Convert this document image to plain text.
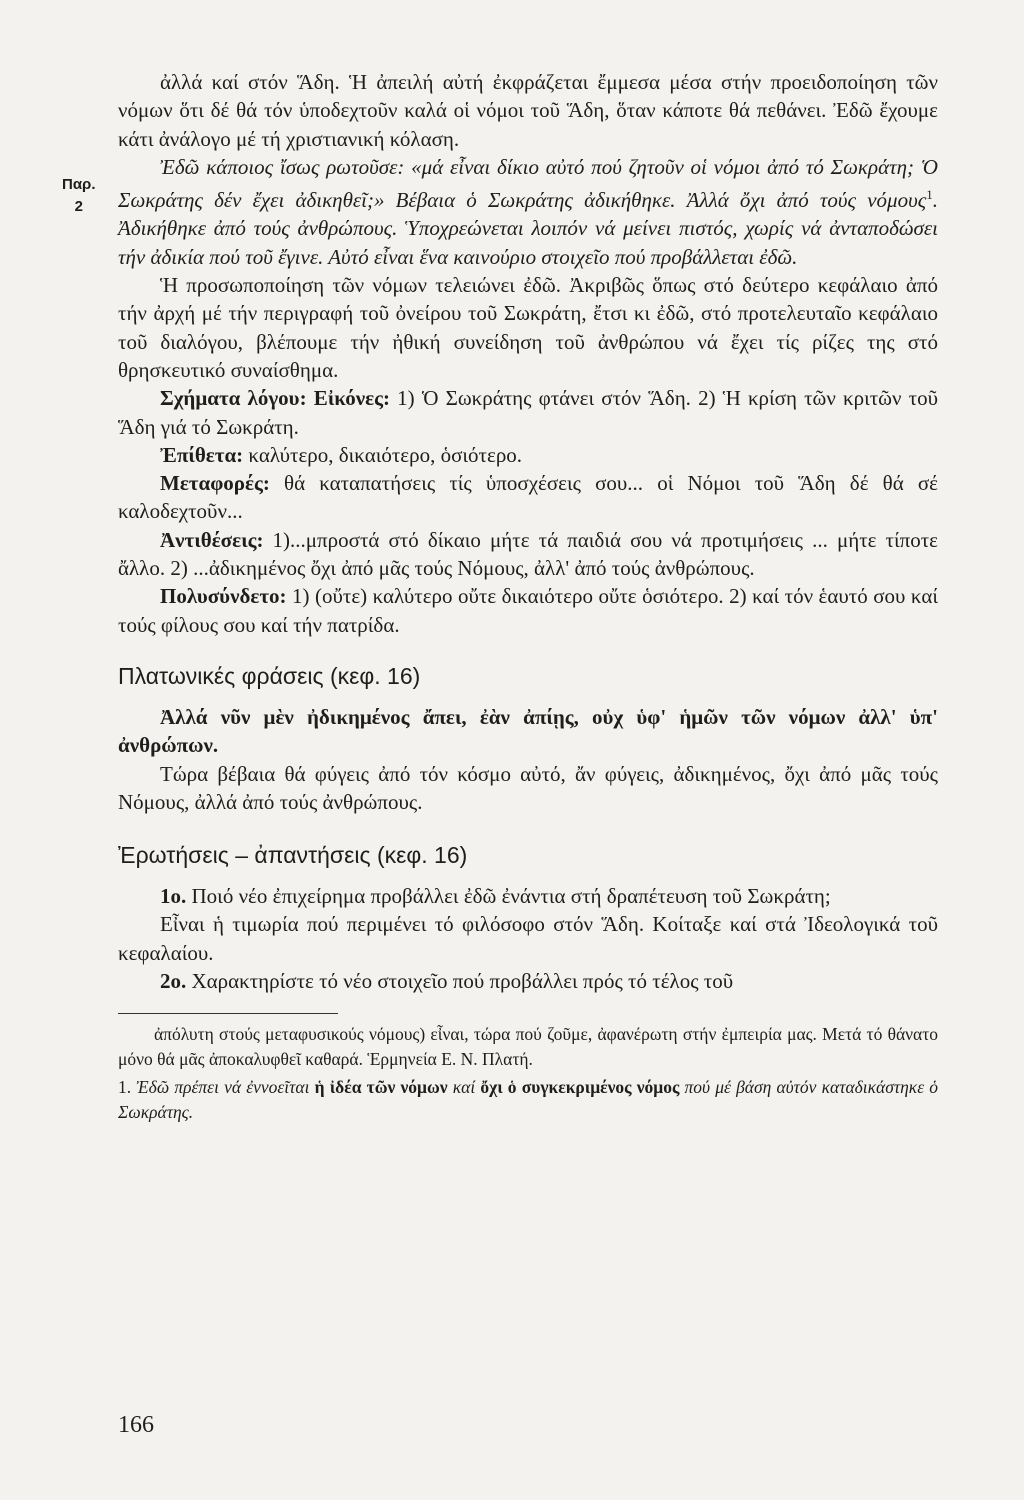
Παρ.
2

ἀλλά καί στόν Ἅδη. Ἡ ἀπειλή αὐτή ἐκφράζεται ἔμμεσα μέσα στήν προειδοποίηση τῶν νόμων ὅτι δέ θά τόν ὑποδεχτοῦν καλά οἱ νόμοι τοῦ Ἅδη, ὅταν κάποτε θά πεθάνει. Ἐδῶ ἔχουμε κάτι ἀνάλογο μέ τή χριστιανική κόλαση.

Ἐδῶ κάποιος ἴσως ρωτοῦσε: «μά εἶναι δίκιο αὐτό πού ζητοῦν οἱ νόμοι ἀπό τό Σωκράτη; Ὁ Σωκράτης δέν ἔχει ἀδικηθεῖ;» Βέβαια ὁ Σωκράτης ἀδικήθηκε. Ἀλλά ὄχι ἀπό τούς νόμους$^1$. Ἀδικήθηκε ἀπό τούς ἀνθρώπους. Ὑποχρεώνεται λοιπόν νά μείνει πιστός, χωρίς νά ἀνταποδώσει τήν ἀδικία πού τοῦ ἔγινε. Αὐτό εἶναι ἕνα καινούριο στοιχεῖο πού προβάλλεται ἐδῶ.

Ἡ προσωποποίηση τῶν νόμων τελειώνει ἐδῶ. Ἀκριβῶς ὅπως στό δεύτερο κεφάλαιο ἀπό τήν ἀρχή μέ τήν περιγραφή τοῦ ὀνείρου τοῦ Σωκράτη, ἔτσι κι ἐδῶ, στό προτελευταῖο κεφάλαιο τοῦ διαλόγου, βλέπουμε τήν ἠθική συνείδηση τοῦ ἀνθρώπου νά ἔχει τίς ρίζες της στό θρησκευτικό συναίσθημα.

Σχήματα λόγου: Εἰκόνες: 1) Ὁ Σωκράτης φτάνει στόν Ἅδη. 2) Ἡ κρίση τῶν κριτῶν τοῦ Ἅδη γιά τό Σωκράτη.

Ἐπίθετα: καλύτερο, δικαιότερο, ὁσιότερο.

Μεταφορές: θά καταπατήσεις τίς ὑποσχέσεις σου... οἱ Νόμοι τοῦ Ἅδη δέ θά σέ καλοδεχτοῦν...

Ἀντιθέσεις: 1)...μπροστά στό δίκαιο μήτε τά παιδιά σου νά προτιμήσεις ... μήτε τίποτε ἄλλο. 2) ...ἀδικημένος ὄχι ἀπό μᾶς τούς Νόμους, ἀλλ' ἀπό τούς ἀνθρώπους.

Πολυσύνδετο: 1) (οὔτε) καλύτερο οὔτε δικαιότερο οὔτε ὁσιότερο. 2) καί τόν ἑαυτό σου καί τούς φίλους σου καί τήν πατρίδα.

Πλατωνικές φράσεις (κεφ. 16)

Ἀλλά νῦν μὲν ἠδικημένος ἄπει, ἐὰν ἀπίῃς, οὐχ ὑφ' ἡμῶν τῶν νόμων ἀλλ' ὑπ' ἀνθρώπων.

Τώρα βέβαια θά φύγεις ἀπό τόν κόσμο αὐτό, ἄν φύγεις, ἀδικημένος, ὄχι ἀπό μᾶς τούς Νόμους, ἀλλά ἀπό τούς ἀνθρώπους.

Ἐρωτήσεις – ἀπαντήσεις (κεφ. 16)

1ο. Ποιό νέο ἐπιχείρημα προβάλλει ἐδῶ ἐνάντια στή δραπέτευση τοῦ Σωκράτη;

Εἶναι ἡ τιμωρία πού περιμένει τό φιλόσοφο στόν Ἅδη. Κοίταξε καί στά Ἰδεολογικά τοῦ κεφαλαίου.

2ο. Χαρακτηρίστε τό νέο στοιχεῖο πού προβάλλει πρός τό τέλος τοῦ

ἀπόλυτη στούς μεταφυσικούς νόμους) εἶναι, τώρα πού ζοῦμε, ἀφανέρωτη στήν ἐμπειρία μας. Μετά τό θάνατο μόνο θά μᾶς ἀποκαλυφθεῖ καθαρά. Ἑρμηνεία Ε. Ν. Πλατή.

1. Ἐδῶ πρέπει νά ἐννοεῖται ἡ ἰδέα τῶν νόμων καί ὄχι ὁ συγκεκριμένος νόμος πού μέ βάση αὐτόν καταδικάστηκε ὁ Σωκράτης.

166
